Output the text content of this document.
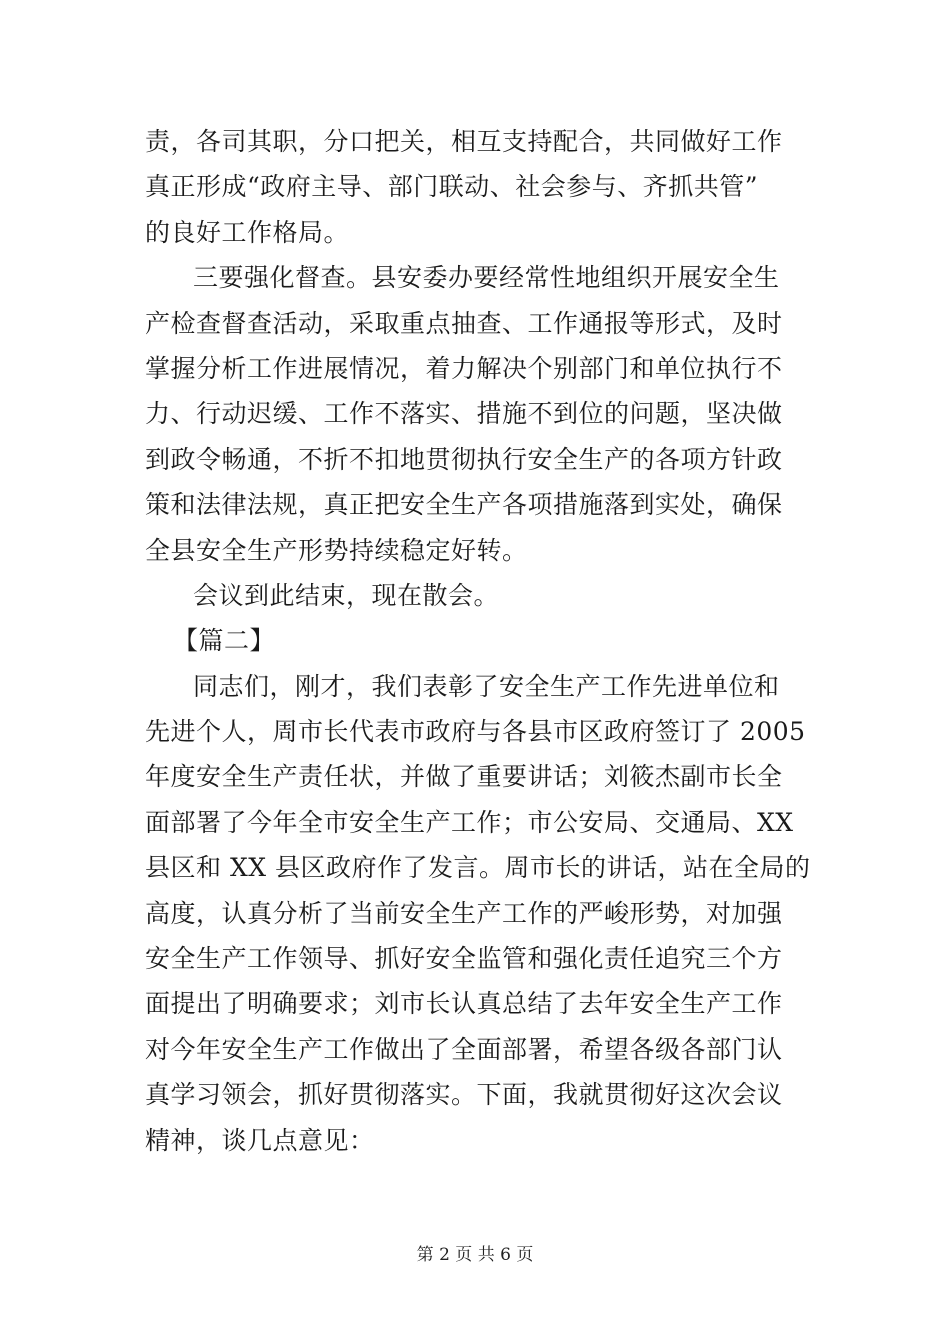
责，各司其职，分口把关，相互支持配合，共同做好工作
真正形成“政府主导、部门联动、社会参与、齐抓共管”
的良好工作格局。
三要强化督查。县安委办要经常性地组织开展安全生
产检查督查活动，采取重点抽查、工作通报等形式，及时
掌握分析工作进展情况，着力解决个别部门和单位执行不
力、行动迟缓、工作不落实、措施不到位的问题，坚决做
到政令畅通，不折不扣地贯彻执行安全生产的各项方针政
策和法律法规，真正把安全生产各项措施落到实处，确保
全县安全生产形势持续稳定好转。
会议到此结束，现在散会。
【篇二】
同志们，刚才，我们表彰了安全生产工作先进单位和
先进个人，周市长代表市政府与各县市区政府签订了 2005
年度安全生产责任状，并做了重要讲话；刘筱杰副市长全
面部署了今年全市安全生产工作；市公安局、交通局、XX
县区和 XX 县区政府作了发言。周市长的讲话，站在全局的
高度，认真分析了当前安全生产工作的严峻形势，对加强
安全生产工作领导、抓好安全监管和强化责任追究三个方
面提出了明确要求；刘市长认真总结了去年安全生产工作
对今年安全生产工作做出了全面部署，希望各级各部门认
真学习领会，抓好贯彻落实。下面，我就贯彻好这次会议
精神，谈几点意见：
第 2 页 共 6 页
